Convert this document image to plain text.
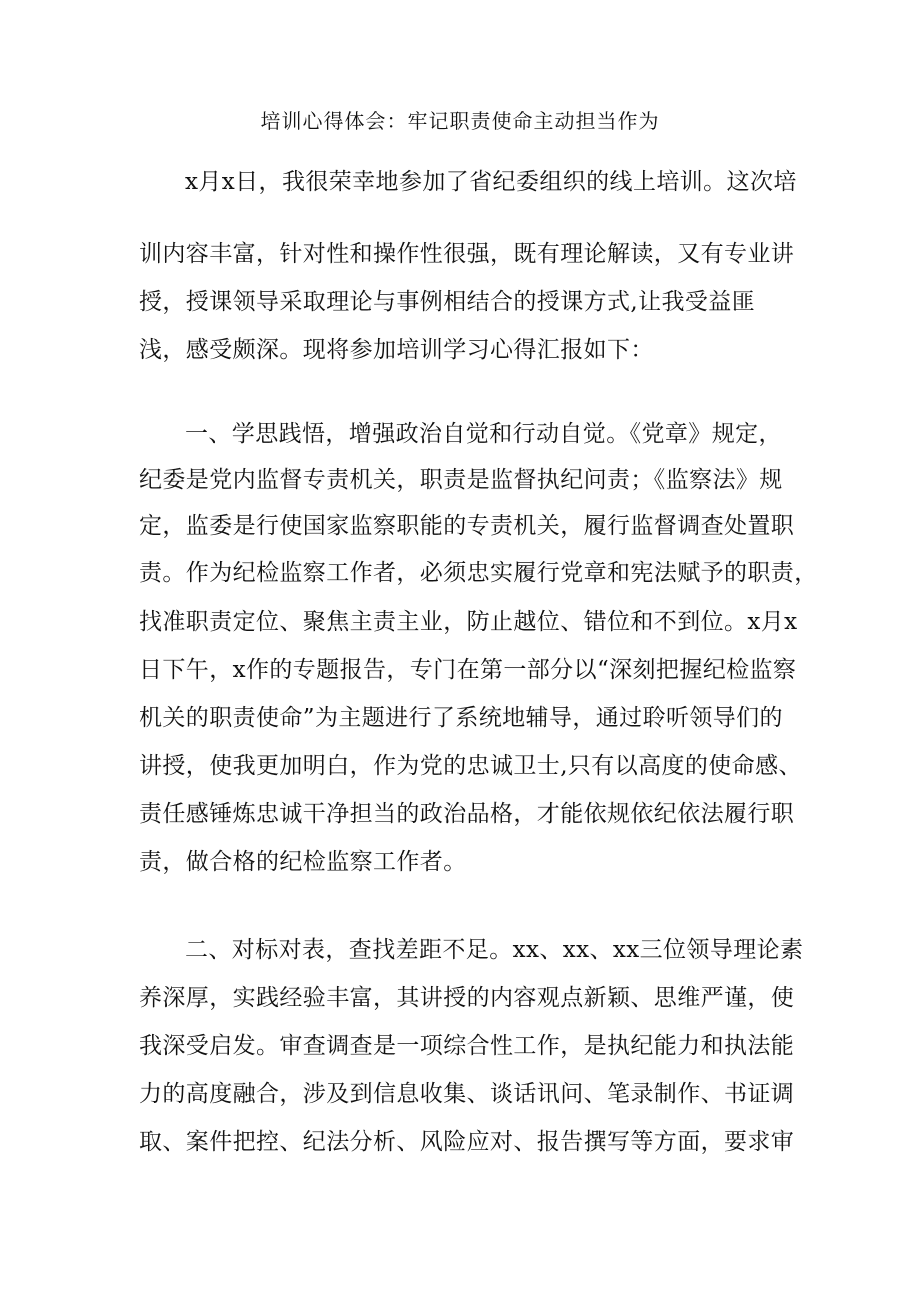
培训心得体会：牢记职责使命主动担当作为
x月x日，我很荣幸地参加了省纪委组织的线上培训。这次培
训内容丰富，针对性和操作性很强，既有理论解读，又有专业讲
授，授课领导采取理论与事例相结合的授课方式,让我受益匪
浅，感受颇深。现将参加培训学习心得汇报如下：
一、学思践悟，增强政治自觉和行动自觉。《党章》规定，
纪委是党内监督专责机关，职责是监督执纪问责；《监察法》规
定，监委是行使国家监察职能的专责机关，履行监督调查处置职
责。作为纪检监察工作者，必须忠实履行党章和宪法赋予的职责，
找准职责定位、聚焦主责主业，防止越位、错位和不到位。x月x
日下午，x作的专题报告，专门在第一部分以“深刻把握纪检监察
机关的职责使命”为主题进行了系统地辅导，通过聆听领导们的
讲授，使我更加明白，作为党的忠诚卫士,只有以高度的使命感、
责任感锤炼忠诚干净担当的政治品格，才能依规依纪依法履行职
责，做合格的纪检监察工作者。
二、对标对表，查找差距不足。xx、xx、xx三位领导理论素
养深厚，实践经验丰富，其讲授的内容观点新颖、思维严谨，使
我深受启发。审查调查是一项综合性工作，是执纪能力和执法能
力的高度融合，涉及到信息收集、谈话讯问、笔录制作、书证调
取、案件把控、纪法分析、风险应对、报告撰写等方面，要求审
